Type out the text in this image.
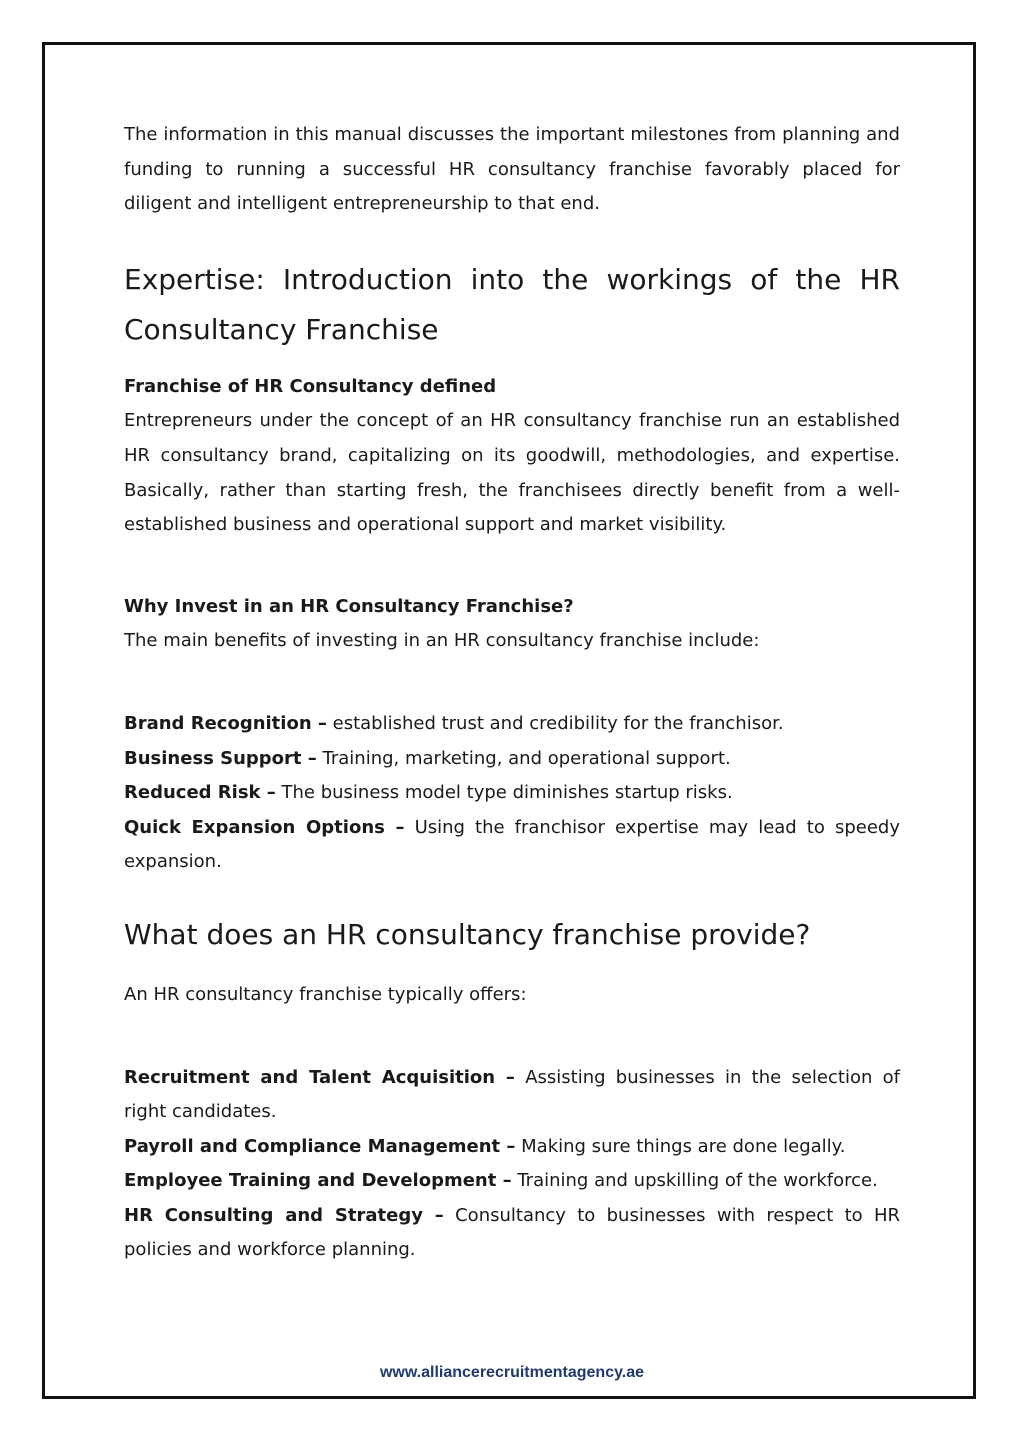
The information in this manual discusses the important milestones from planning and funding to running a successful HR consultancy franchise favorably placed for diligent and intelligent entrepreneurship to that end.

Expertise: Introduction into the workings of the HR Consultancy Franchise
Franchise of HR Consultancy defined

Entrepreneurs under the concept of an HR consultancy franchise run an established HR consultancy brand, capitalizing on its goodwill, methodologies, and expertise. Basically, rather than starting fresh, the franchisees directly benefit from a well-established business and operational support and market visibility.

Why Invest in an HR Consultancy Franchise?

The main benefits of investing in an HR consultancy franchise include:

Brand Recognition – established trust and credibility for the franchisor.

Business Support – Training, marketing, and operational support.

Reduced Risk – The business model type diminishes startup risks.

Quick Expansion Options – Using the franchisor expertise may lead to speedy expansion.

What does an HR consultancy franchise provide?

An HR consultancy franchise typically offers:

Recruitment and Talent Acquisition – Assisting businesses in the selection of right candidates.

Payroll and Compliance Management – Making sure things are done legally.

Employee Training and Development – Training and upskilling of the workforce.

HR Consulting and Strategy – Consultancy to businesses with respect to HR policies and workforce planning.

www.alliancerecruitmentagency.ae
